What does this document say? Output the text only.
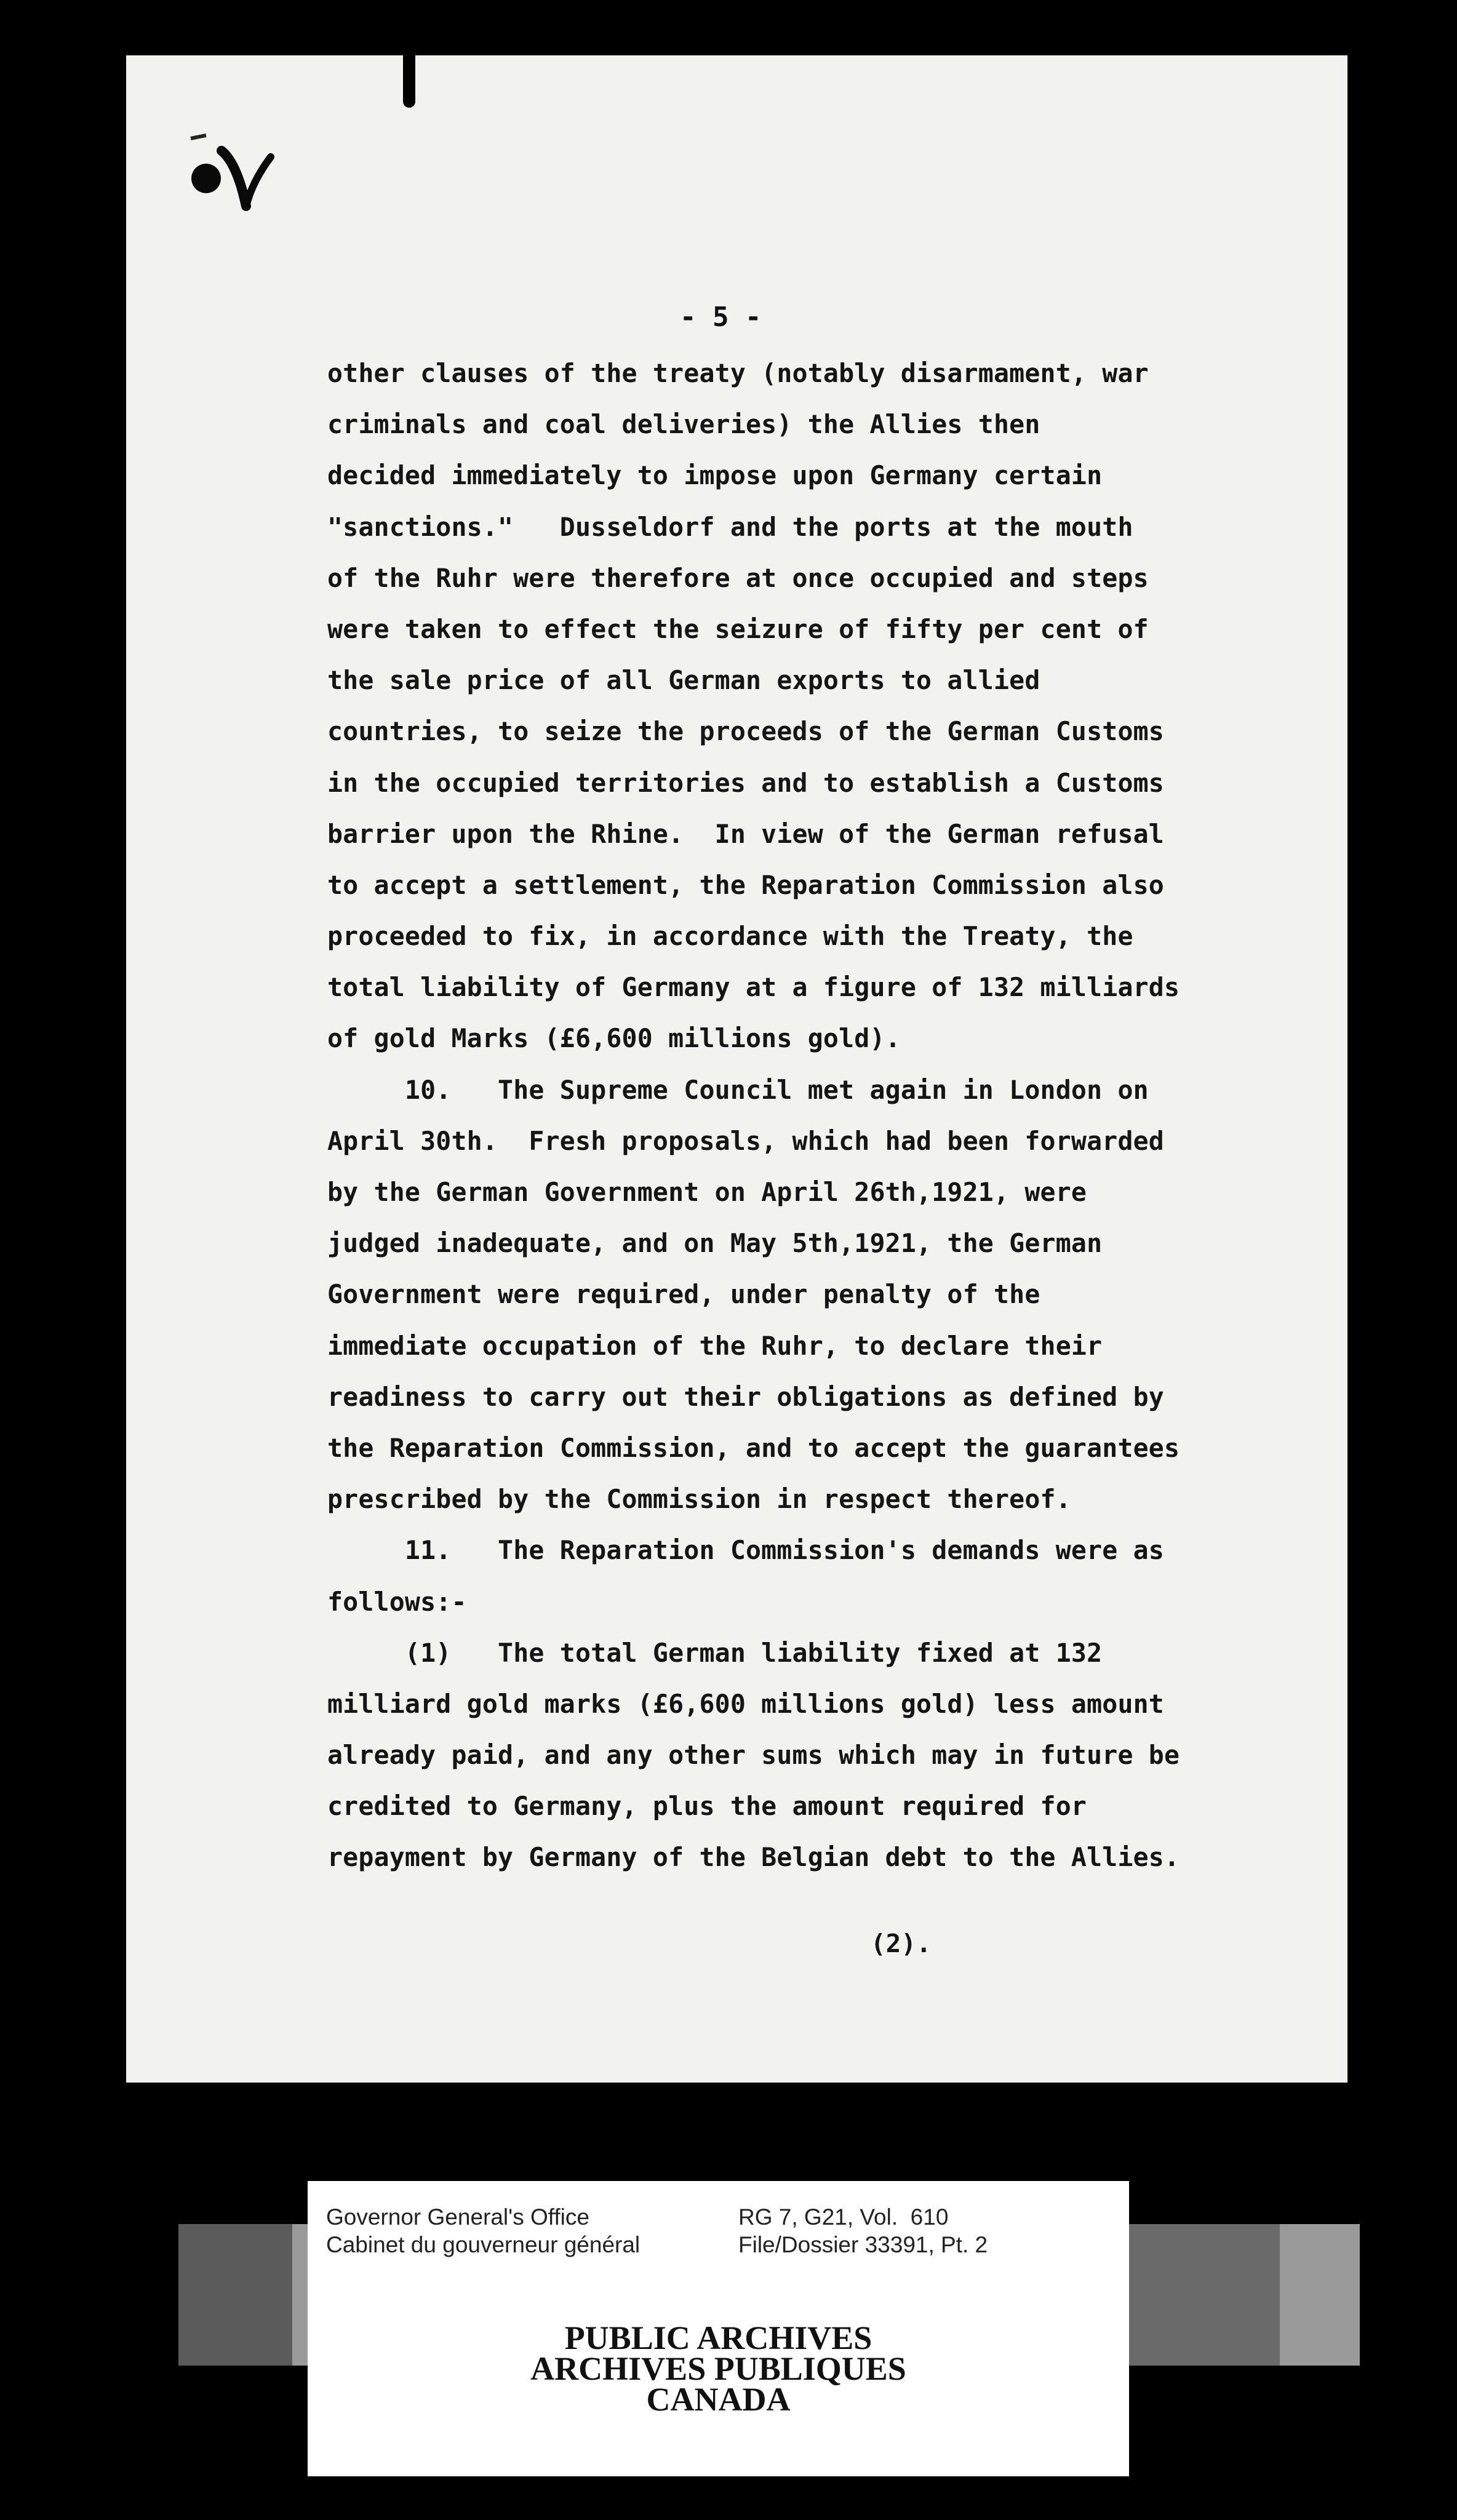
- 5 -
other clauses of the treaty (notably disarmament, war
criminals and coal deliveries) the Allies then
decided immediately to impose upon Germany certain
"sanctions."   Dusseldorf and the ports at the mouth
of the Ruhr were therefore at once occupied and steps
were taken to effect the seizure of fifty per cent of
the sale price of all German exports to allied
countries, to seize the proceeds of the German Customs
in the occupied territories and to establish a Customs
barrier upon the Rhine.  In view of the German refusal
to accept a settlement, the Reparation Commission also
proceeded to fix, in accordance with the Treaty, the
total liability of Germany at a figure of 132 milliards
of gold Marks (£6,600 millions gold).
10.   The Supreme Council met again in London on
April 30th.  Fresh proposals, which had been forwarded
by the German Government on April 26th,1921, were
judged inadequate, and on May 5th,1921, the German
Government were required, under penalty of the
immediate occupation of the Ruhr, to declare their
readiness to carry out their obligations as defined by
the Reparation Commission, and to accept the guarantees
prescribed by the Commission in respect thereof.
11.   The Reparation Commission's demands were as
follows:-
(1)   The total German liability fixed at 132
milliard gold marks (£6,600 millions gold) less amount
already paid, and any other sums which may in future be
credited to Germany, plus the amount required for
repayment by Germany of the Belgian debt to the Allies.
(2).
Governor General's Office
Cabinet du gouverneur général
RG 7, G21, Vol.  610
File/Dossier 33391, Pt. 2
PUBLIC ARCHIVES
ARCHIVES PUBLIQUES
CANADA
